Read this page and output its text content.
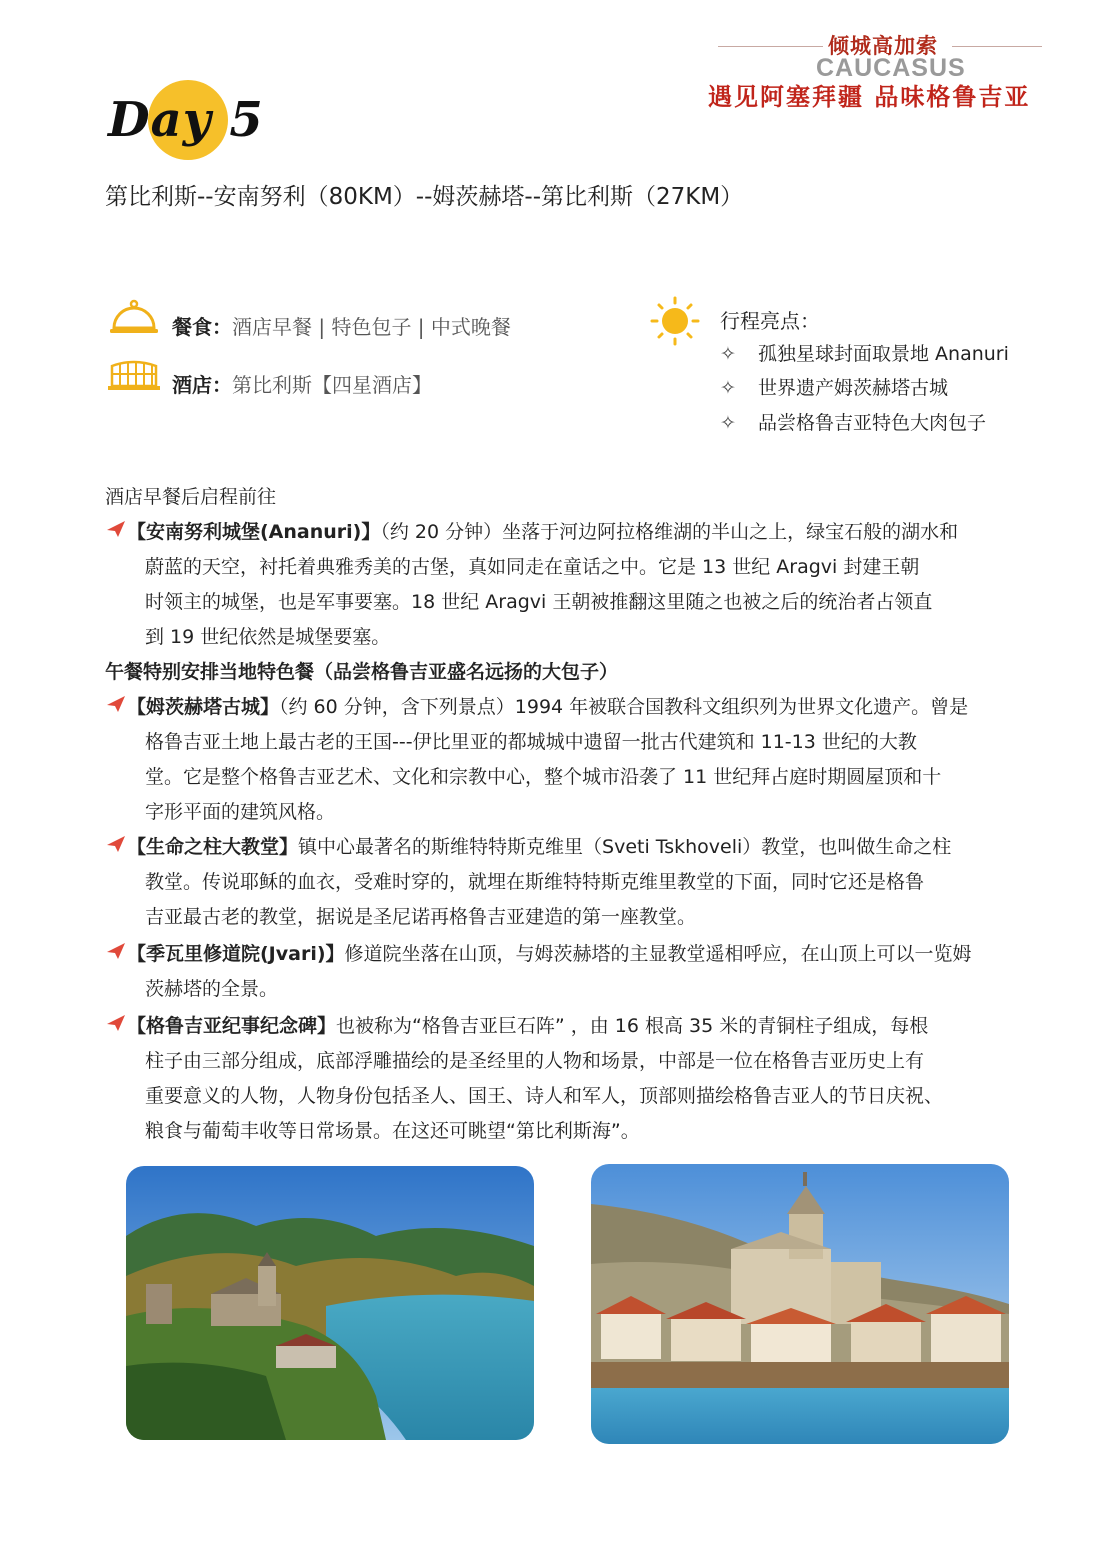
倾城高加索
CAUCASUS
遇见阿塞拜疆 品味格鲁吉亚
Day 5
第比利斯--安南努利（80KM）--姆茨赫塔--第比利斯（27KM）
餐食：酒店早餐 | 特色包子 | 中式晚餐
酒店：第比利斯【四星酒店】
行程亮点：
✧ 孤独星球封面取景地 Ananuri
✧ 世界遗产姆茨赫塔古城
✧ 品尝格鲁吉亚特色大肉包子
酒店早餐后启程前往
【安南努利城堡(Ananuri)】（约 20 分钟）坐落于河边阿拉格维湖的半山之上，绿宝石般的湖水和
蔚蓝的天空，衬托着典雅秀美的古堡，真如同走在童话之中。它是 13 世纪 Aragvi 封建王朝
时领主的城堡，也是军事要塞。18 世纪 Aragvi 王朝被推翻这里随之也被之后的统治者占领直
到 19 世纪依然是城堡要塞。
午餐特别安排当地特色餐（品尝格鲁吉亚盛名远扬的大包子）
【姆茨赫塔古城】（约 60 分钟，含下列景点）1994 年被联合国教科文组织列为世界文化遗产。曾是
格鲁吉亚土地上最古老的王国---伊比里亚的都城城中遗留一批古代建筑和 11-13 世纪的大教
堂。它是整个格鲁吉亚艺术、文化和宗教中心，整个城市沿袭了 11 世纪拜占庭时期圆屋顶和十
字形平面的建筑风格。
【生命之柱大教堂】镇中心最著名的斯维特特斯克维里（Sveti Tskhoveli）教堂，也叫做生命之柱
教堂。传说耶稣的血衣，受难时穿的，就埋在斯维特特斯克维里教堂的下面，同时它还是格鲁
吉亚最古老的教堂，据说是圣尼诺再格鲁吉亚建造的第一座教堂。
【季瓦里修道院(Jvari)】修道院坐落在山顶，与姆茨赫塔的主显教堂遥相呼应，在山顶上可以一览姆
茨赫塔的全景。
【格鲁吉亚纪事纪念碑】也被称为“格鲁吉亚巨石阵” ，由 16 根高 35 米的青铜柱子组成，每根
柱子由三部分组成，底部浮雕描绘的是圣经里的人物和场景，中部是一位在格鲁吉亚历史上有
重要意义的人物，人物身份包括圣人、国王、诗人和军人，顶部则描绘格鲁吉亚人的节日庆祝、
粮食与葡萄丰收等日常场景。在这还可眺望“第比利斯海”。
